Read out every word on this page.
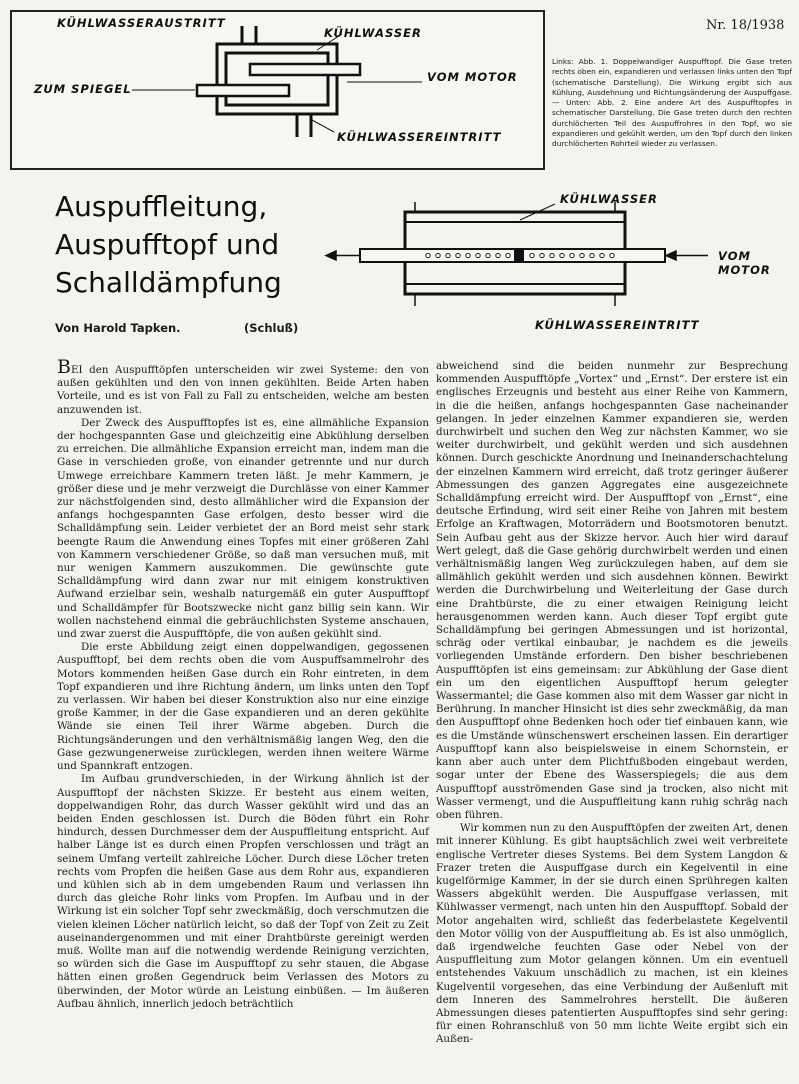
KÜHLWASSERAUSTRITT
KÜHLWASSER
ZUM SPIEGEL
VOM MOTOR
KÜHLWASSEREINTRITT
Nr. 18/1938
Links: Abb. 1. Doppelwandiger Auspufftopf. Die Gase treten rechts oben ein, expandieren und verlassen links unten den Topf (schematische Darstellung). Die Wirkung ergibt sich aus Kühlung, Ausdehnung und Richtungsänderung der Auspuffgase. — Unten: Abb. 2. Eine andere Art des Auspufftopfes in schematischer Darstellung. Die Gase treten durch den rechten durchlöcherten Teil des Auspuffrohres in den Topf, wo sie expandieren und gekühlt werden, um den Topf durch den linken durchlöcherten Rohrteil wieder zu verlassen.
KÜHLWASSER
VOM MOTOR
KÜHLWASSEREINTRITT
Auspuffleitung,
Auspufftopf und
Schalldämpfung
Von Harold Tapken.	(Schluß)

BEI den Auspufftöpfen unterscheiden wir zwei Systeme: den von außen gekühlten und den von innen gekühlten. Beide Arten haben Vorteile, und es ist von Fall zu Fall zu entscheiden, welche am besten anzuwenden ist.

Der Zweck des Auspufftopfes ist es, eine allmähliche Expansion der hochgespannten Gase und gleichzeitig eine Abkühlung derselben zu erreichen. Die allmähliche Expansion erreicht man, indem man die Gase in verschieden große, von einander getrennte und nur durch Umwege erreichbare Kammern treten läßt. Je mehr Kammern, je größer diese und je mehr verzweigt die Durchlässe von einer Kammer zur nächstfolgenden sind, desto allmählicher wird die Expansion der anfangs hochgespannten Gase erfolgen, desto besser wird die Schalldämpfung sein. Leider verbietet der an Bord meist sehr stark beengte Raum die Anwendung eines Topfes mit einer größeren Zahl von Kammern verschiedener Größe, so daß man versuchen muß, mit nur wenigen Kammern auszukommen. Die gewünschte gute Schalldämpfung wird dann zwar nur mit einigem konstruktiven Aufwand erzielbar sein, weshalb naturgemäß ein guter Auspufftopf und Schalldämpfer für Bootszwecke nicht ganz billig sein kann. Wir wollen nachstehend einmal die gebräuchlichsten Systeme anschauen, und zwar zuerst die Auspufftöpfe, die von außen gekühlt sind.

Die erste Abbildung zeigt einen doppelwandigen, gegossenen Auspufftopf, bei dem rechts oben die vom Auspuffsammelrohr des Motors kommenden heißen Gase durch ein Rohr eintreten, in dem Topf expandieren und ihre Richtung ändern, um links unten den Topf zu verlassen. Wir haben bei dieser Konstruktion also nur eine einzige große Kammer, in der die Gase expandieren und an deren gekühlte Wände sie einen Teil ihrer Wärme abgeben. Durch die Richtungsänderungen und den verhältnismäßig langen Weg, den die Gase gezwungenerweise zurücklegen, werden ihnen weitere Wärme und Spannkraft entzogen.

Im Aufbau grundverschieden, in der Wirkung ähnlich ist der Auspufftopf der nächsten Skizze. Er besteht aus einem weiten, doppelwandigen Rohr, das durch Wasser gekühlt wird und das an beiden Enden geschlossen ist. Durch die Böden führt ein Rohr hindurch, dessen Durchmesser dem der Auspuffleitung entspricht. Auf halber Länge ist es durch einen Propfen verschlossen und trägt an seinem Umfang verteilt zahlreiche Löcher. Durch diese Löcher treten rechts vom Propfen die heißen Gase aus dem Rohr aus, expandieren und kühlen sich ab in dem umgebenden Raum und verlassen ihn durch das gleiche Rohr links vom Propfen. Im Aufbau und in der Wirkung ist ein solcher Topf sehr zweckmäßig, doch verschmutzen die vielen kleinen Löcher natürlich leicht, so daß der Topf von Zeit zu Zeit auseinandergenommen und mit einer Drahtbürste gereinigt werden muß. Wollte man auf die notwendig werdende Reinigung verzichten, so würden sich die Gase im Auspufftopf zu sehr stauen, die Abgase hätten einen großen Gegendruck beim Verlassen des Motors zu überwinden, der Motor würde an Leistung einbüßen. — Im äußeren Aufbau ähnlich, innerlich jedoch beträchtlich

abweichend sind die beiden nunmehr zur Besprechung kommenden Auspufftöpfe „Vortex“ und „Ernst“. Der erstere ist ein englisches Erzeugnis und besteht aus einer Reihe von Kammern, in die die heißen, anfangs hochgespannten Gase nacheinander gelangen. In jeder einzelnen Kammer expandieren sie, werden durchwirbelt und suchen den Weg zur nächsten Kammer, wo sie weiter durchwirbelt, und gekühlt werden und sich ausdehnen können. Durch geschickte Anordnung und Ineinanderschachtelung der einzelnen Kammern wird erreicht, daß trotz geringer äußerer Abmessungen des ganzen Aggregates eine ausgezeichnete Schalldämpfung erreicht wird. Der Auspufftopf von „Ernst“, eine deutsche Erfindung, wird seit einer Reihe von Jahren mit bestem Erfolge an Kraftwagen, Motorrädern und Bootsmotoren benutzt. Sein Aufbau geht aus der Skizze hervor. Auch hier wird darauf Wert gelegt, daß die Gase gehörig durchwirbelt werden und einen verhältnismäßig langen Weg zurückzulegen haben, auf dem sie allmählich gekühlt werden und sich ausdehnen können. Bewirkt werden die Durchwirbelung und Weiterleitung der Gase durch eine Drahtbürste, die zu einer etwaigen Reinigung leicht herausgenommen werden kann. Auch dieser Topf ergibt gute Schalldämpfung bei geringen Abmessungen und ist horizontal, schräg oder vertikal einbaubar, je nachdem es die jeweils vorliegenden Umstände erfordern. Den bisher beschriebenen Auspufftöpfen ist eins gemeinsam: zur Abkühlung der Gase dient ein um den eigentlichen Auspufftopf herum gelegter Wassermantel; die Gase kommen also mit dem Wasser gar nicht in Berührung. In mancher Hinsicht ist dies sehr zweckmäßig, da man den Auspufftopf ohne Bedenken hoch oder tief einbauen kann, wie es die Umstände wünschenswert erscheinen lassen. Ein derartiger Auspufftopf kann also beispielsweise in einem Schornstein, er kann aber auch unter dem Plichtfußboden eingebaut werden, sogar unter der Ebene des Wasserspiegels; die aus dem Auspufftopf ausströmenden Gase sind ja trocken, also nicht mit Wasser vermengt, und die Auspuffleitung kann ruhig schräg nach oben führen.

Wir kommen nun zu den Auspufftöpfen der zweiten Art, denen mit innerer Kühlung. Es gibt hauptsächlich zwei weit verbreitete englische Vertreter dieses Systems. Bei dem System Langdon & Frazer treten die Auspuffgase durch ein Kegelventil in eine kugelförmige Kammer, in der sie durch einen Sprühregen kalten Wassers abgekühlt werden. Die Auspuffgase verlassen, mit Kühlwasser vermengt, nach unten hin den Auspufftopf. Sobald der Motor angehalten wird, schließt das federbelastete Kegelventil den Motor völlig von der Auspuffleitung ab. Es ist also unmöglich, daß irgendwelche feuchten Gase oder Nebel von der Auspuffleitung zum Motor gelangen können. Um ein eventuell entstehendes Vakuum unschädlich zu machen, ist ein kleines Kugelventil vorgesehen, das eine Verbindung der Außenluft mit dem Inneren des Sammelrohres herstellt. Die äußeren Abmessungen dieses patentierten Auspufftopfes sind sehr gering: für einen Rohranschluß von 50 mm lichte Weite ergibt sich ein Außen-
